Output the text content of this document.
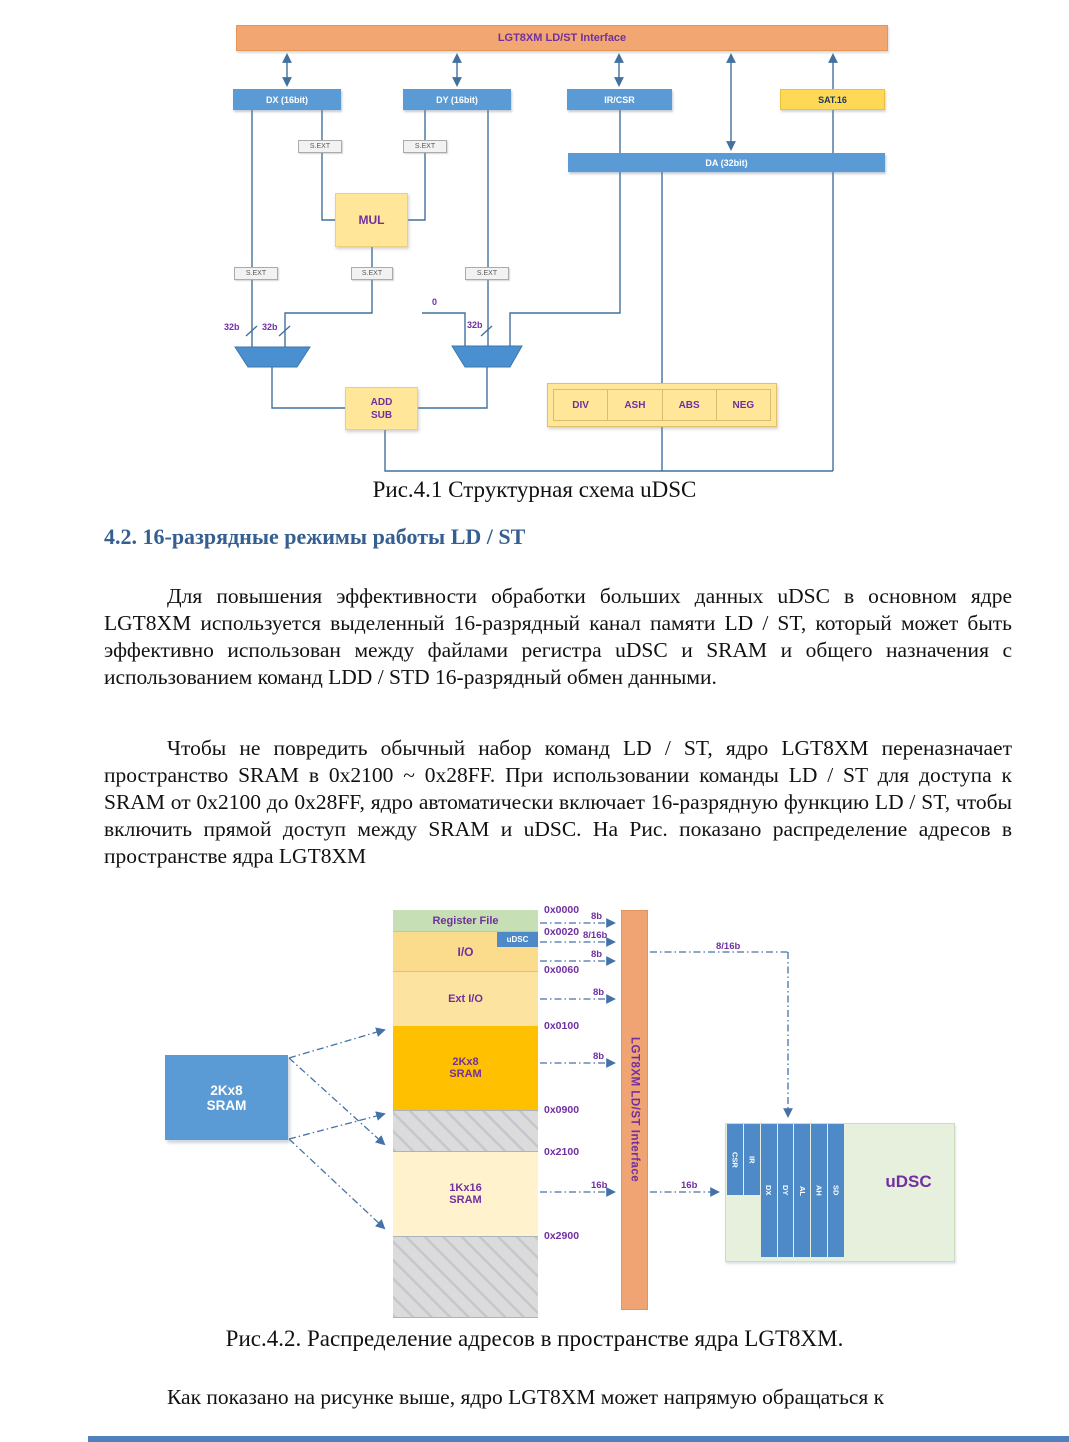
LGT8XM LD/ST Interface
DX (16bit)	DY (16bit)	IR/CSR	SAT.16
DA (32bit)
S.EXT	S.EXT
S.EXT	S.EXT	S.EXT
MUL
ADD
SUB
DIV	ASH	ABS	NEG
32b 32b	32b
0
Рис.4.1 Структурная схема uDSC
4.2. 16-разрядные режимы работы LD / ST
Для повышения эффективности обработки больших данных uDSC в основном ядре LGT8XM используется выделенный 16-разрядный канал памяти LD / ST, который может быть эффективно использован между файлами регистра uDSC и SRAM и общего назначения с использованием команд LDD / STD 16-разрядный обмен данными.
Чтобы не повредить обычный набор команд LD / ST, ядро LGT8XM переназначает пространство SRAM в 0x2100 ~ 0x28FF. При использовании команды LD / ST для доступа к SRAM от 0x2100 до 0x28FF, ядро автоматически включает 16-разрядную функцию LD / ST, чтобы включить прямой доступ между SRAM и uDSC. На Рис. показано распределение адресов в пространстве ядра LGT8XM
2Kx8
SRAM
Register File
I/O
Ext I/O
2Kx8
SRAM
1Kx16
SRAM
uDSC
0x0000
0x0020
0x0060
0x0100
0x0900
0x2100
0x2900
8b
8/16b
8b
8b
8b
16b
8/16b
16b
LGT8XM LD/ST Interface	CSR IR
DX DY AL AH SD	uDSC
Рис.4.2. Распределение адресов в пространстве ядра LGT8XM.
Как показано на рисунке выше, ядро LGT8XM может напрямую обращаться к
